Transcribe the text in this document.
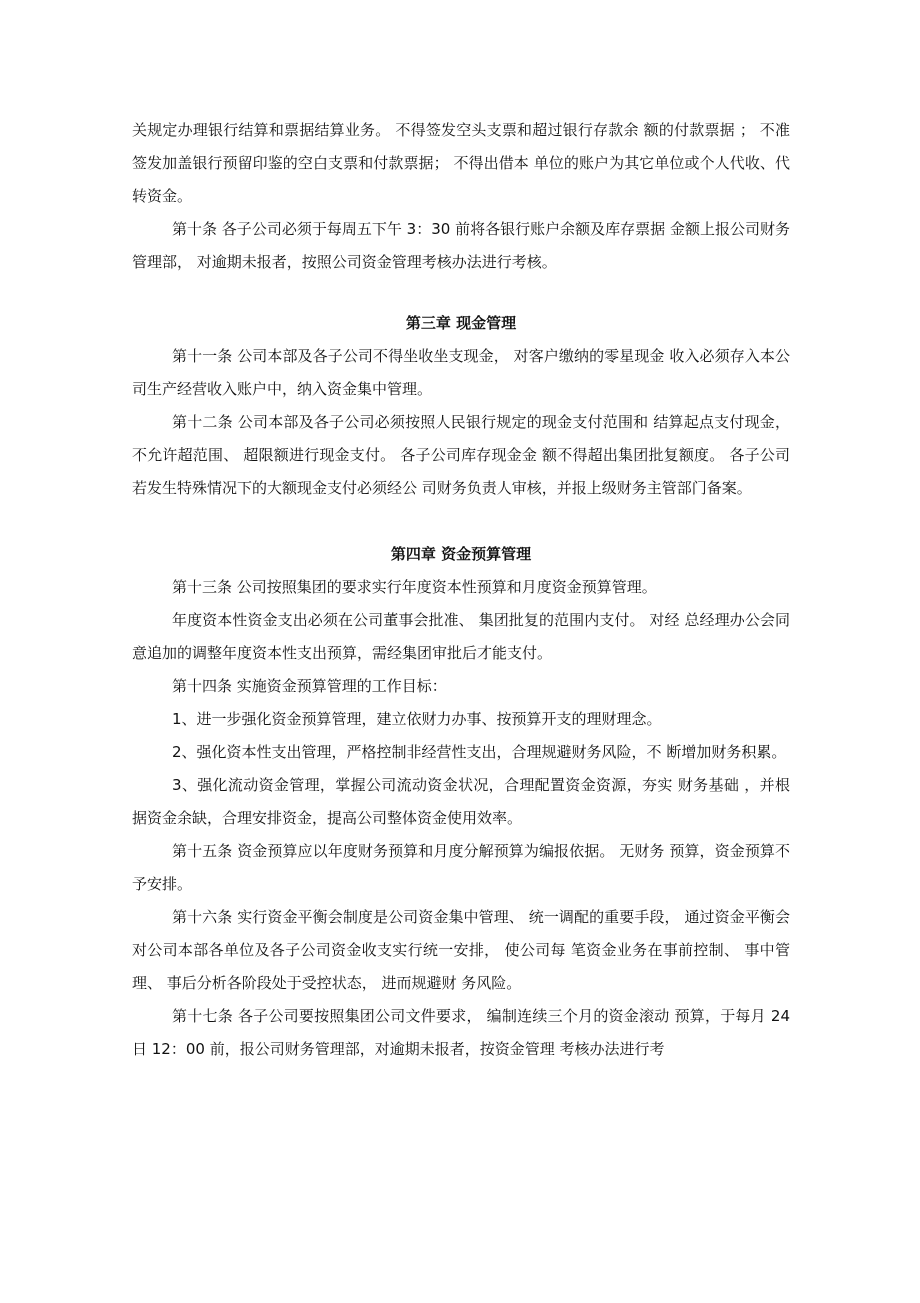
关规定办理银行结算和票据结算业务。 不得签发空头支票和超过银行存款余 额的付款票据 ； 不准签发加盖银行预留印鉴的空白支票和付款票据； 不得出借本 单位的账户为其它单位或个人代收、代转资金。

第十条 各子公司必须于每周五下午 3：30 前将各银行账户余额及库存票据 金额上报公司财务管理部， 对逾期未报者，按照公司资金管理考核办法进行考核。

第三章 现金管理

第十一条 公司本部及各子公司不得坐收坐支现金， 对客户缴纳的零星现金 收入必须存入本公司生产经营收入账户中，纳入资金集中管理。

第十二条 公司本部及各子公司必须按照人民银行规定的现金支付范围和 结算起点支付现金， 不允许超范围、 超限额进行现金支付。 各子公司库存现金金 额不得超出集团批复额度。 各子公司若发生特殊情况下的大额现金支付必须经公 司财务负责人审核，并报上级财务主管部门备案。

第四章 资金预算管理

第十三条 公司按照集团的要求实行年度资本性预算和月度资金预算管理。

年度资本性资金支出必须在公司董事会批准、 集团批复的范围内支付。 对经 总经理办公会同意追加的调整年度资本性支出预算，需经集团审批后才能支付。

第十四条 实施资金预算管理的工作目标：

1、进一步强化资金预算管理，建立依财力办事、按预算开支的理财理念。

2、强化资本性支出管理，严格控制非经营性支出，合理规避财务风险，不 断增加财务积累。

3、强化流动资金管理，掌握公司流动资金状况，合理配置资金资源，夯实 财务基础 ，并根据资金余缺，合理安排资金，提高公司整体资金使用效率。

第十五条 资金预算应以年度财务预算和月度分解预算为编报依据。 无财务 预算，资金预算不予安排。

第十六条 实行资金平衡会制度是公司资金集中管理、 统一调配的重要手段， 通过资金平衡会对公司本部各单位及各子公司资金收支实行统一安排， 使公司每 笔资金业务在事前控制、 事中管理、 事后分析各阶段处于受控状态， 进而规避财 务风险。

第十七条 各子公司要按照集团公司文件要求， 编制连续三个月的资金滚动 预算，于每月 24 日 12：00 前，报公司财务管理部，对逾期未报者，按资金管理 考核办法进行考
